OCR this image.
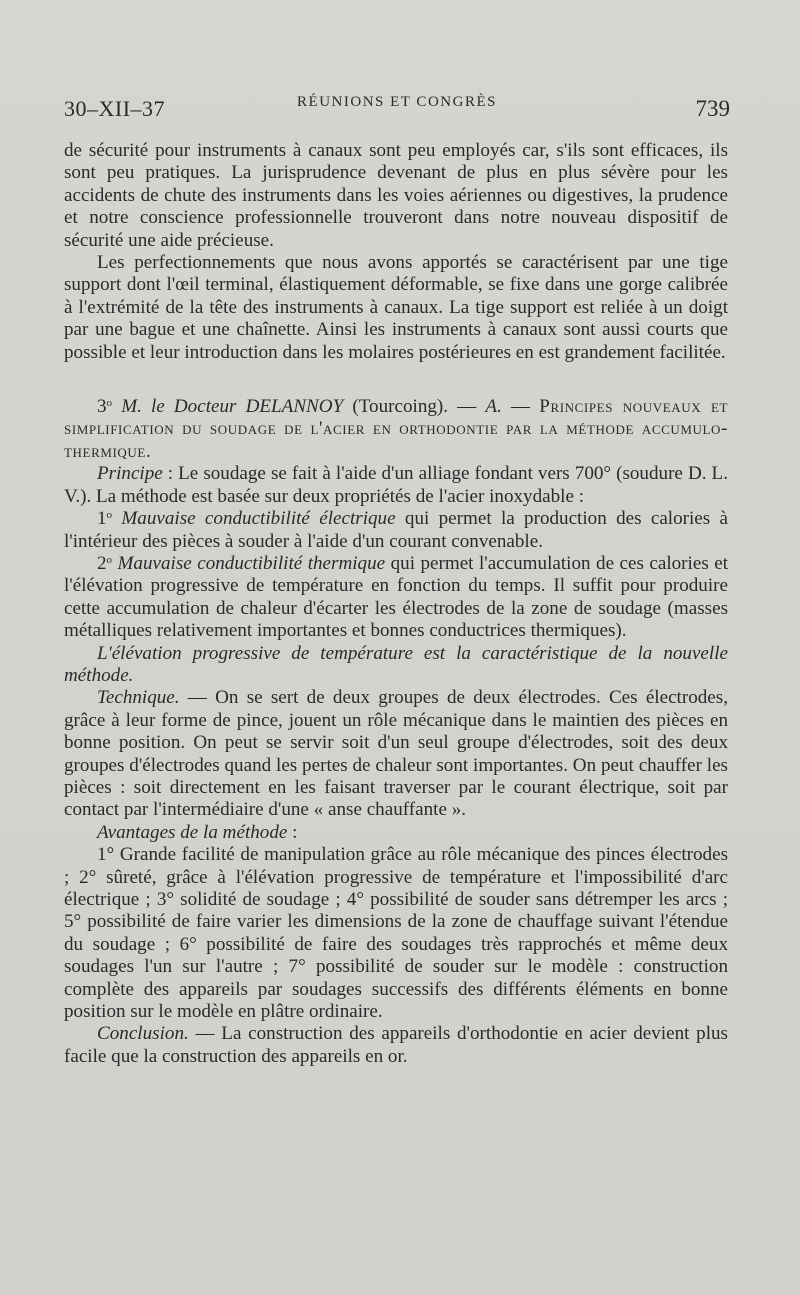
30–XII–37	RÉUNIONS ET CONGRÈS	739

de sécurité pour instruments à canaux sont peu employés car, s'ils sont efficaces, ils sont peu pratiques. La jurisprudence devenant de plus en plus sévère pour les accidents de chute des instruments dans les voies aériennes ou digestives, la prudence et notre conscience professionnelle trouveront dans notre nouveau dispositif de sécurité une aide précieuse.

Les perfectionnements que nous avons apportés se caractérisent par une tige support dont l'œil terminal, élastiquement déformable, se fixe dans une gorge calibrée à l'extrémité de la tête des instruments à canaux. La tige support est reliée à un doigt par une bague et une chaînette. Ainsi les instruments à canaux sont aussi courts que possible et leur introduction dans les molaires postérieures en est grandement facilitée.

3$^o$ M. le Docteur DELANNOY (Tourcoing). — A. — Principes nouveaux et simplification du soudage de l'acier en orthodontie par la méthode accumulo-thermique.

Principe : Le soudage se fait à l'aide d'un alliage fondant vers 700° (soudure D. L. V.). La méthode est basée sur deux propriétés de l'acier inoxydable :

1$^o$ Mauvaise conductibilité électrique qui permet la production des calories à l'intérieur des pièces à souder à l'aide d'un courant convenable.

2$^o$ Mauvaise conductibilité thermique qui permet l'accumulation de ces calories et l'élévation progressive de température en fonction du temps. Il suffit pour produire cette accumulation de chaleur d'écarter les électrodes de la zone de soudage (masses métalliques relativement importantes et bonnes conductrices thermiques).

L'élévation progressive de température est la caractéristique de la nouvelle méthode.

Technique. — On se sert de deux groupes de deux électrodes. Ces électrodes, grâce à leur forme de pince, jouent un rôle mécanique dans le maintien des pièces en bonne position. On peut se servir soit d'un seul groupe d'électrodes, soit des deux groupes d'électrodes quand les pertes de chaleur sont importantes. On peut chauffer les pièces : soit directement en les faisant traverser par le courant électrique, soit par contact par l'intermédiaire d'une « anse chauffante ».

Avantages de la méthode :

1° Grande facilité de manipulation grâce au rôle mécanique des pinces électrodes ; 2° sûreté, grâce à l'élévation progressive de température et l'impossibilité d'arc électrique ; 3° solidité de soudage ; 4° possibilité de souder sans détremper les arcs ; 5° possibilité de faire varier les dimensions de la zone de chauffage suivant l'étendue du soudage ; 6° possibilité de faire des soudages très rapprochés et même deux soudages l'un sur l'autre ; 7° possibilité de souder sur le modèle : construction complète des appareils par soudages successifs des différents éléments en bonne position sur le modèle en plâtre ordinaire.

Conclusion. — La construction des appareils d'orthodontie en acier devient plus facile que la construction des appareils en or.
